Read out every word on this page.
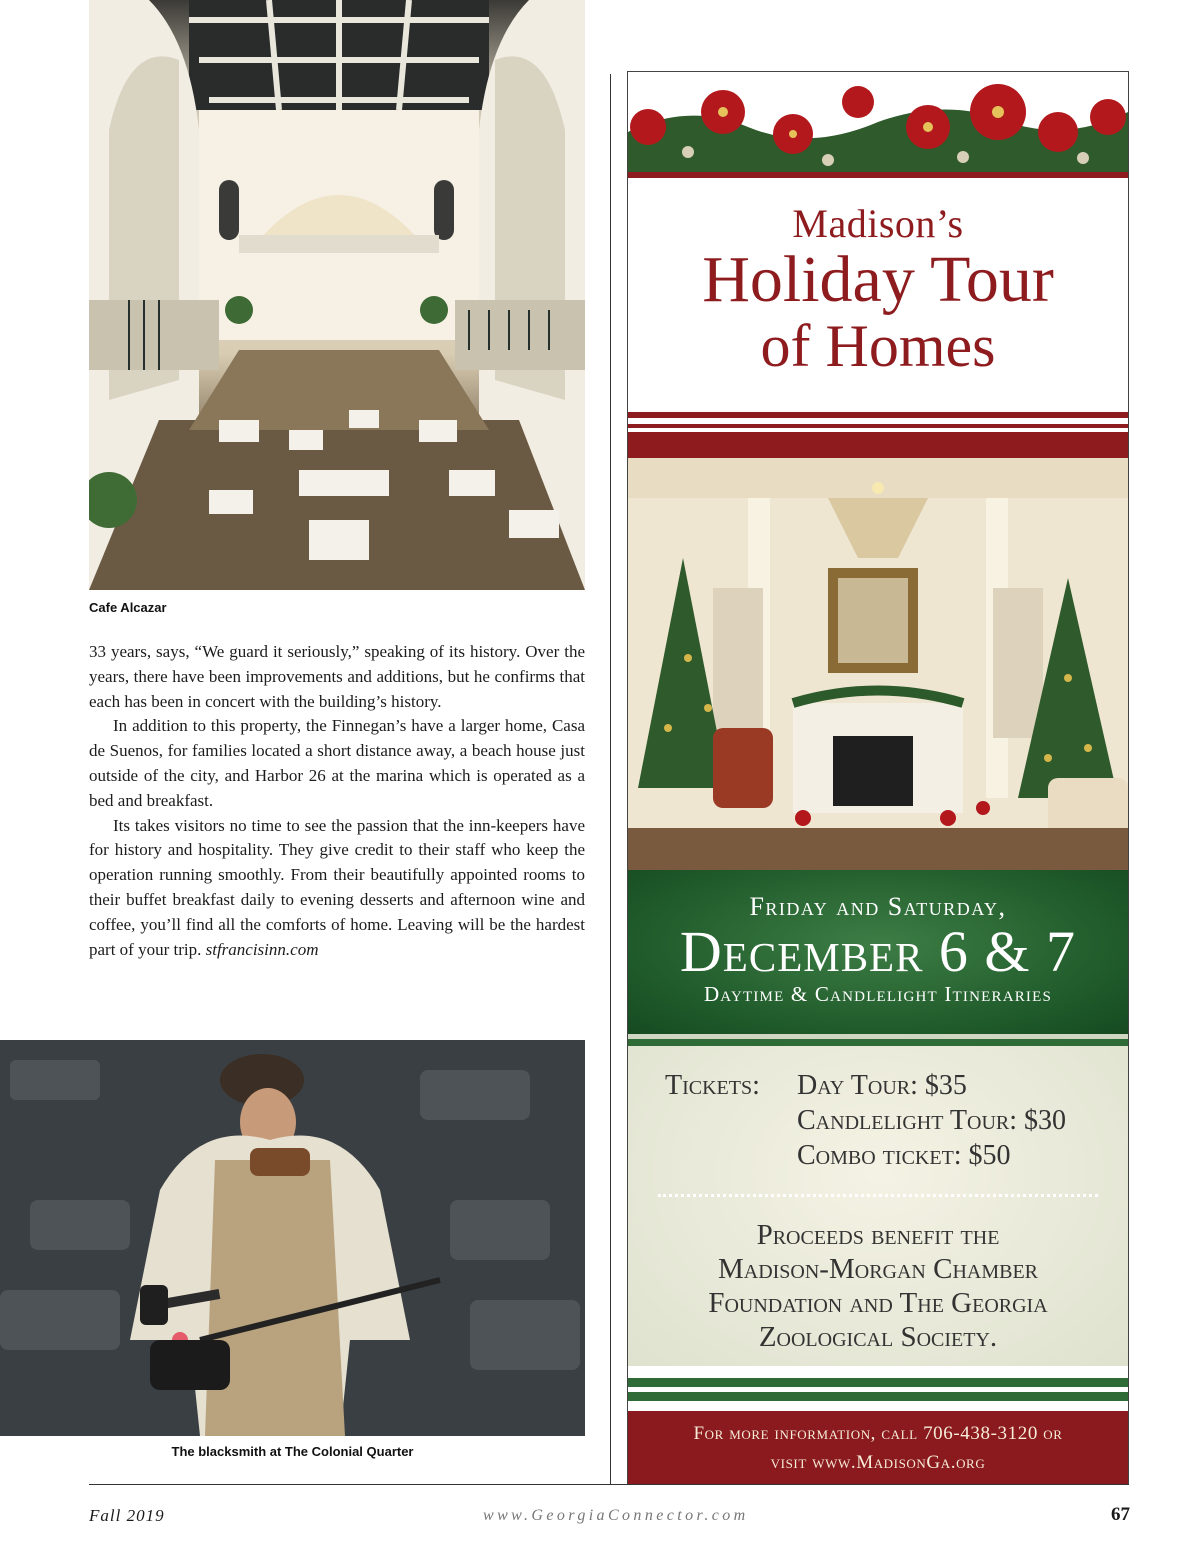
Cafe Alcazar

33 years, says, “We guard it seriously,” speaking of its history. Over the years, there have been improvements and additions, but he confirms that each has been in concert with the building’s history.

In addition to this property, the Finnegan’s have a larger home, Casa de Suenos, for families located a short distance away, a beach house just outside of the city, and Harbor 26 at the marina which is operated as a bed and breakfast.

Its takes visitors no time to see the passion that the inn-keepers have for history and hospitality. They give credit to their staff who keep the operation running smoothly. From their beautifully appointed rooms to their buffet breakfast daily to evening desserts and afternoon wine and coffee, you’ll find all the comforts of home. Leaving will be the hardest part of your trip. stfrancisinn.com

The blacksmith at The Colonial Quarter
Madison’s
Holiday Tour
of Homes
Friday and Saturday,
December 6 & 7
Daytime & Candlelight Itineraries
Tickets: Day Tour: $35
Candlelight Tour: $30
Combo ticket: $50
Proceeds benefit the
Madison-Morgan Chamber
Foundation and The Georgia
Zoological Society.
For more information, call 706-438-3120 or
visit www.MadisonGa.org
Fall 2019	www.GeorgiaConnector.com	67
